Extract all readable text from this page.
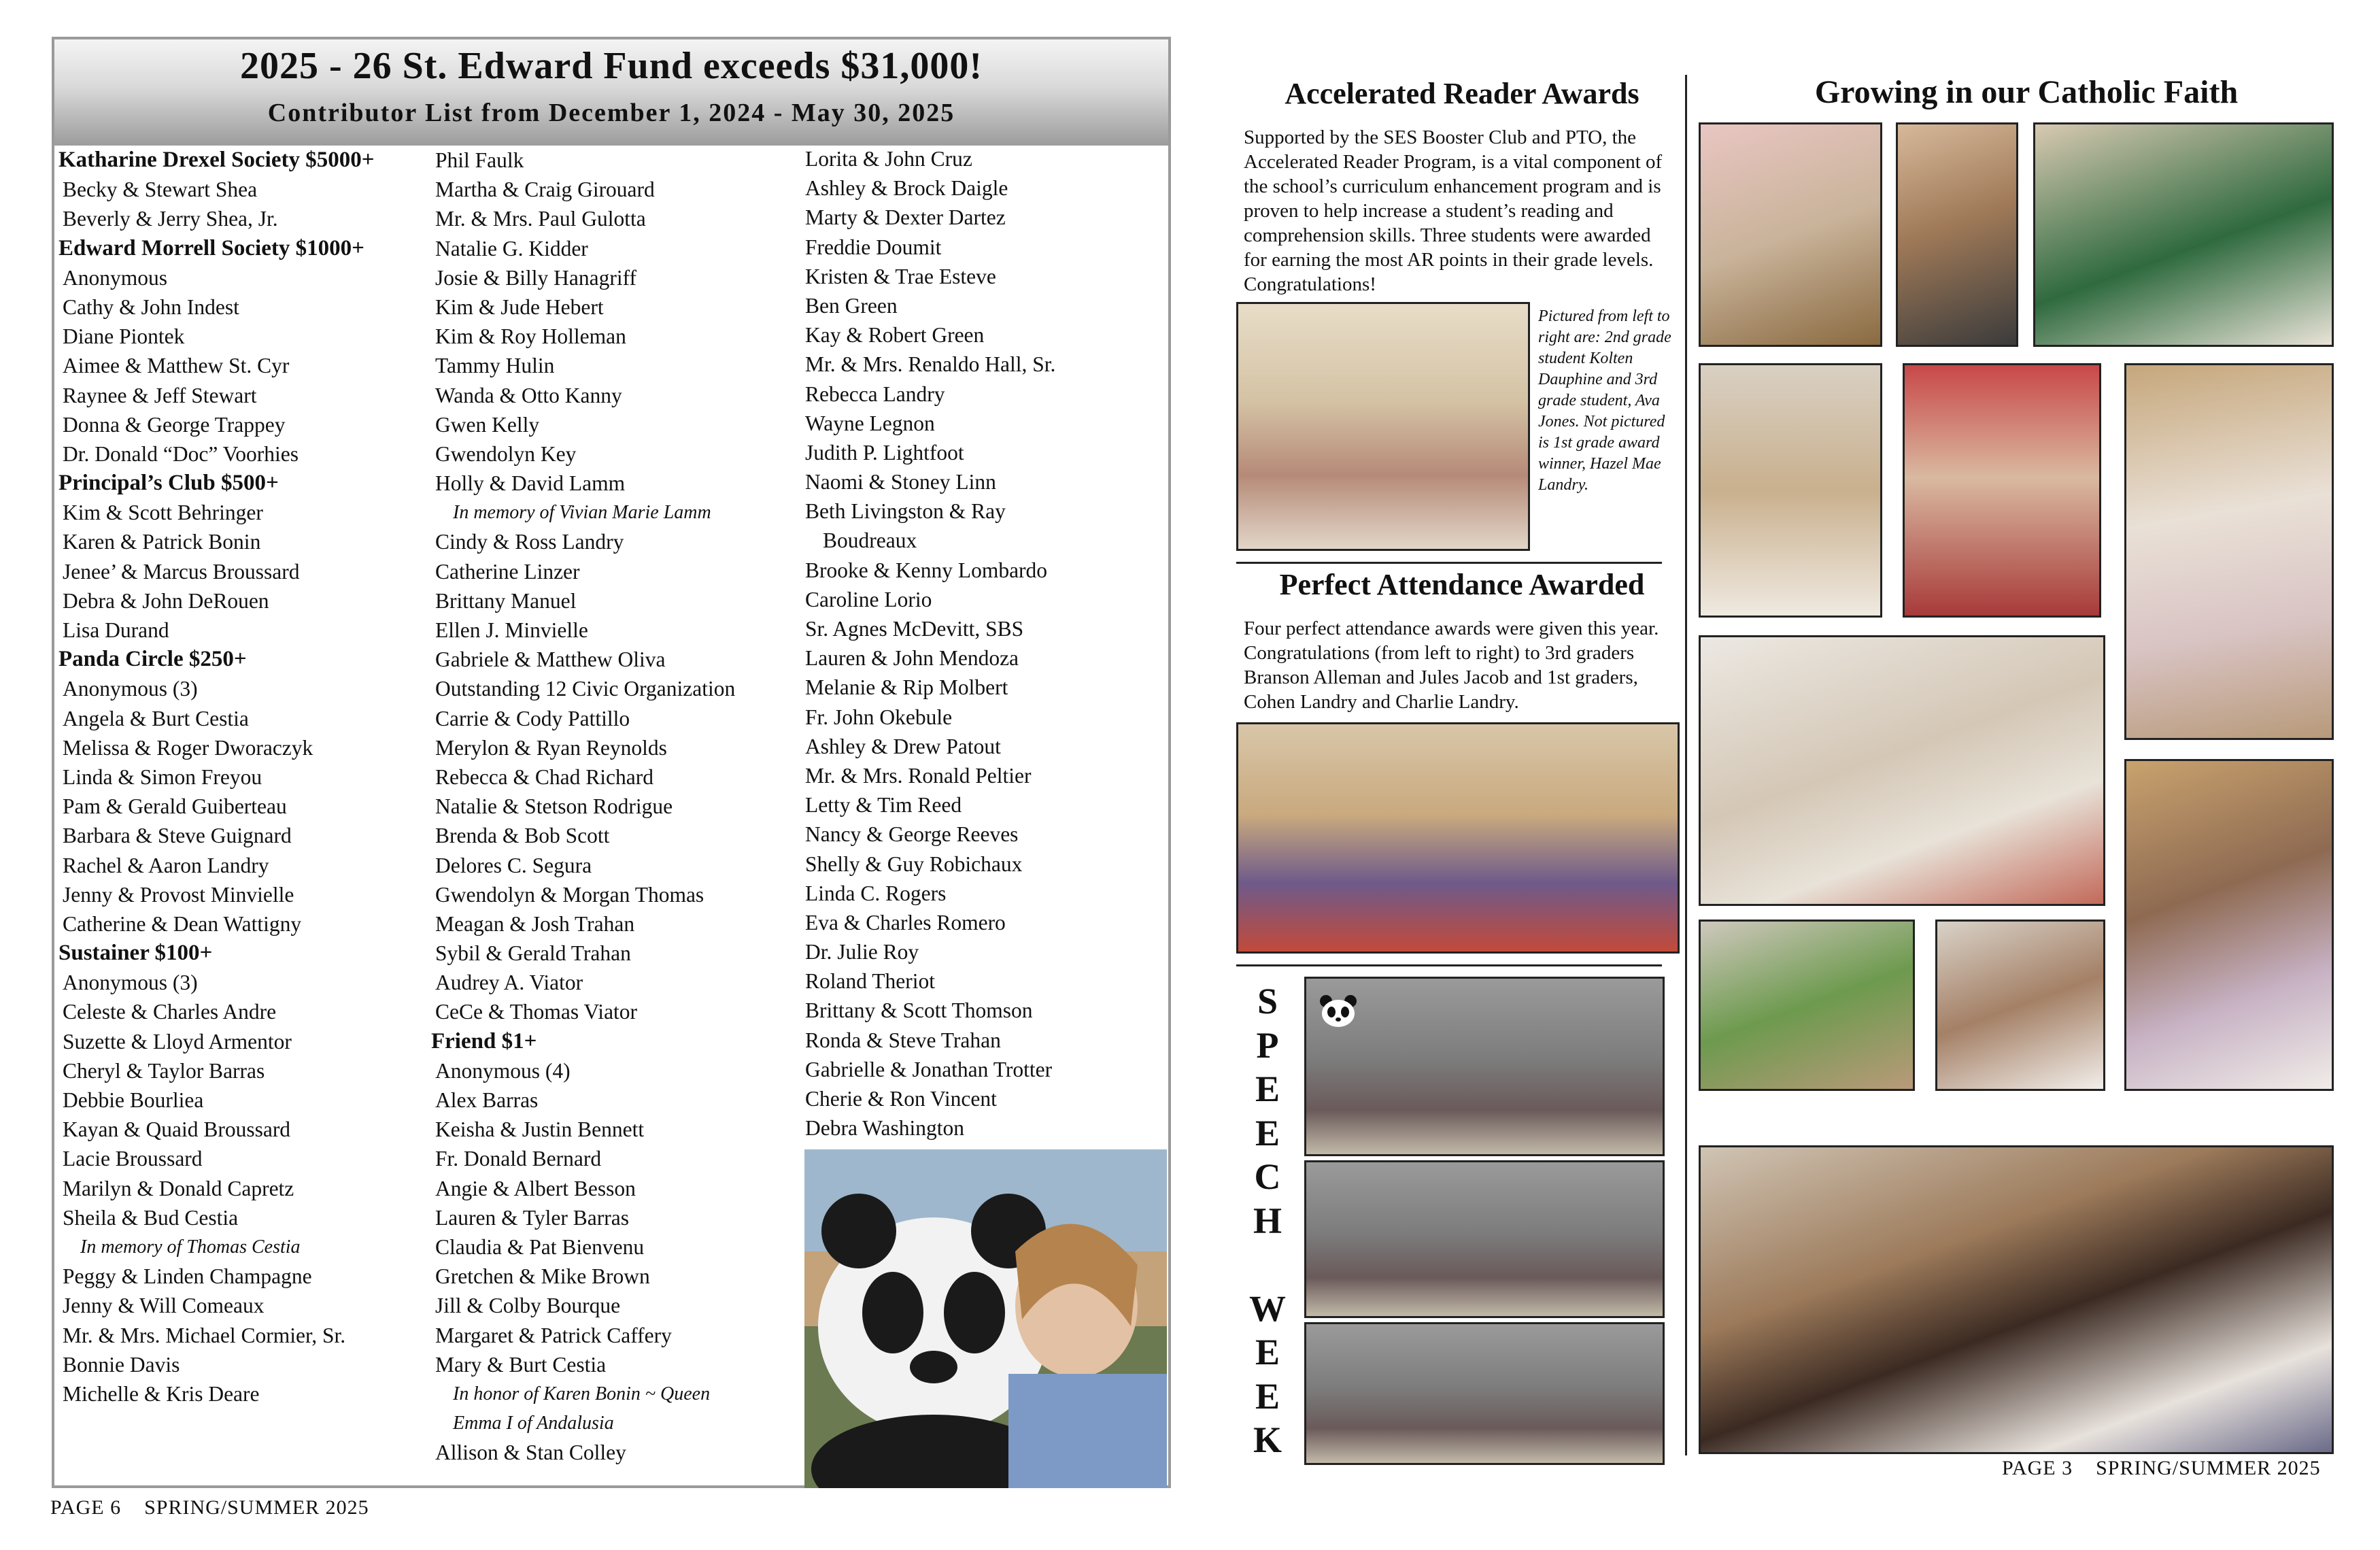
2025 - 26 St. Edward Fund exceeds $31,000!
Contributor List from December 1, 2024 - May 30, 2025
Katharine Drexel Society $5000+
Becky & Stewart Shea
Beverly & Jerry Shea, Jr.
Edward Morrell Society $1000+
Anonymous
Cathy & John Indest
Diane Piontek
Aimee & Matthew St. Cyr
Raynee & Jeff Stewart
Donna & George Trappey
Dr. Donald “Doc” Voorhies
Principal’s Club $500+
Kim & Scott Behringer
Karen & Patrick Bonin
Jenee’ & Marcus Broussard
Debra & John DeRouen
Lisa Durand
Panda Circle $250+
Anonymous (3)
Angela & Burt Cestia
Melissa & Roger Dworaczyk
Linda & Simon Freyou
Pam & Gerald Guiberteau
Barbara & Steve Guignard
Rachel & Aaron Landry
Jenny & Provost Minvielle
Catherine & Dean Wattigny
Sustainer $100+
Anonymous (3)
Celeste & Charles Andre
Suzette & Lloyd Armentor
Cheryl & Taylor Barras
Debbie Bourliea
Kayan & Quaid Broussard
Lacie Broussard
Marilyn & Donald Capretz
Sheila & Bud Cestia
In memory of Thomas Cestia
Peggy & Linden Champagne
Jenny & Will Comeaux
Mr. & Mrs. Michael Cormier, Sr.
Bonnie Davis
Michelle & Kris Deare
Phil Faulk
Martha & Craig Girouard
Mr. & Mrs. Paul Gulotta
Natalie G. Kidder
Josie & Billy Hanagriff
Kim & Jude Hebert
Kim & Roy Holleman
Tammy Hulin
Wanda & Otto Kanny
Gwen Kelly
Gwendolyn Key
Holly & David Lamm
In memory of Vivian Marie Lamm
Cindy & Ross Landry
Catherine Linzer
Brittany Manuel
Ellen J. Minvielle
Gabriele & Matthew Oliva
Outstanding 12 Civic Organization
Carrie & Cody Pattillo
Merylon & Ryan Reynolds
Rebecca & Chad Richard
Natalie & Stetson Rodrigue
Brenda & Bob Scott
Delores C. Segura
Gwendolyn & Morgan Thomas
Meagan & Josh Trahan
Sybil & Gerald Trahan
Audrey A. Viator
CeCe & Thomas Viator
Friend $1+
Anonymous (4)
Alex Barras
Keisha & Justin Bennett
Fr. Donald Bernard
Angie & Albert Besson
Lauren & Tyler Barras
Claudia & Pat Bienvenu
Gretchen & Mike Brown
Jill & Colby Bourque
Margaret & Patrick Caffery
Mary & Burt Cestia
In honor of Karen Bonin ~ Queen
Emma I of Andalusia
Allison & Stan Colley
Lorita & John Cruz
Ashley & Brock Daigle
Marty & Dexter Dartez
Freddie Doumit
Kristen & Trae Esteve
Ben Green
Kay & Robert Green
Mr. & Mrs. Renaldo Hall, Sr.
Rebecca Landry
Wayne Legnon
Judith P. Lightfoot
Naomi & Stoney Linn
Beth Livingston & Ray
Boudreaux
Brooke & Kenny Lombardo
Caroline Lorio
Sr. Agnes McDevitt, SBS
Lauren & John Mendoza
Melanie & Rip Molbert
Fr. John Okebule
Ashley & Drew Patout
Mr. & Mrs. Ronald Peltier
Letty & Tim Reed
Nancy & George Reeves
Shelly & Guy Robichaux
Linda C. Rogers
Eva & Charles Romero
Dr. Julie Roy
Roland Theriot
Brittany & Scott Thomson
Ronda & Steve Trahan
Gabrielle & Jonathan Trotter
Cherie & Ron Vincent
Debra Washington
PAGE 6    SPRING/SUMMER 2025
Accelerated Reader Awards
Supported by the SES Booster Club and PTO, the Accelerated Reader Program, is a vital component of the school’s curriculum enhancement program and is proven to help increase a student’s reading and comprehension skills. Three students were awarded for earning the most AR points in their grade levels. Congratulations!
Pictured from left to right are: 2nd grade student Kolten Dauphine and 3rd grade student, Ava Jones. Not pictured is 1st grade award winner, Hazel Mae Landry.
Perfect Attendance Awarded
Four perfect attendance awards were given this year. Congratulations (from left to right) to 3rd graders Branson Alleman and Jules Jacob and 1st graders, Cohen Landry and Charlie Landry.
S
P
E
E
C
H
W
E
E
K
Growing in our Catholic Faith
PAGE 3    SPRING/SUMMER 2025
